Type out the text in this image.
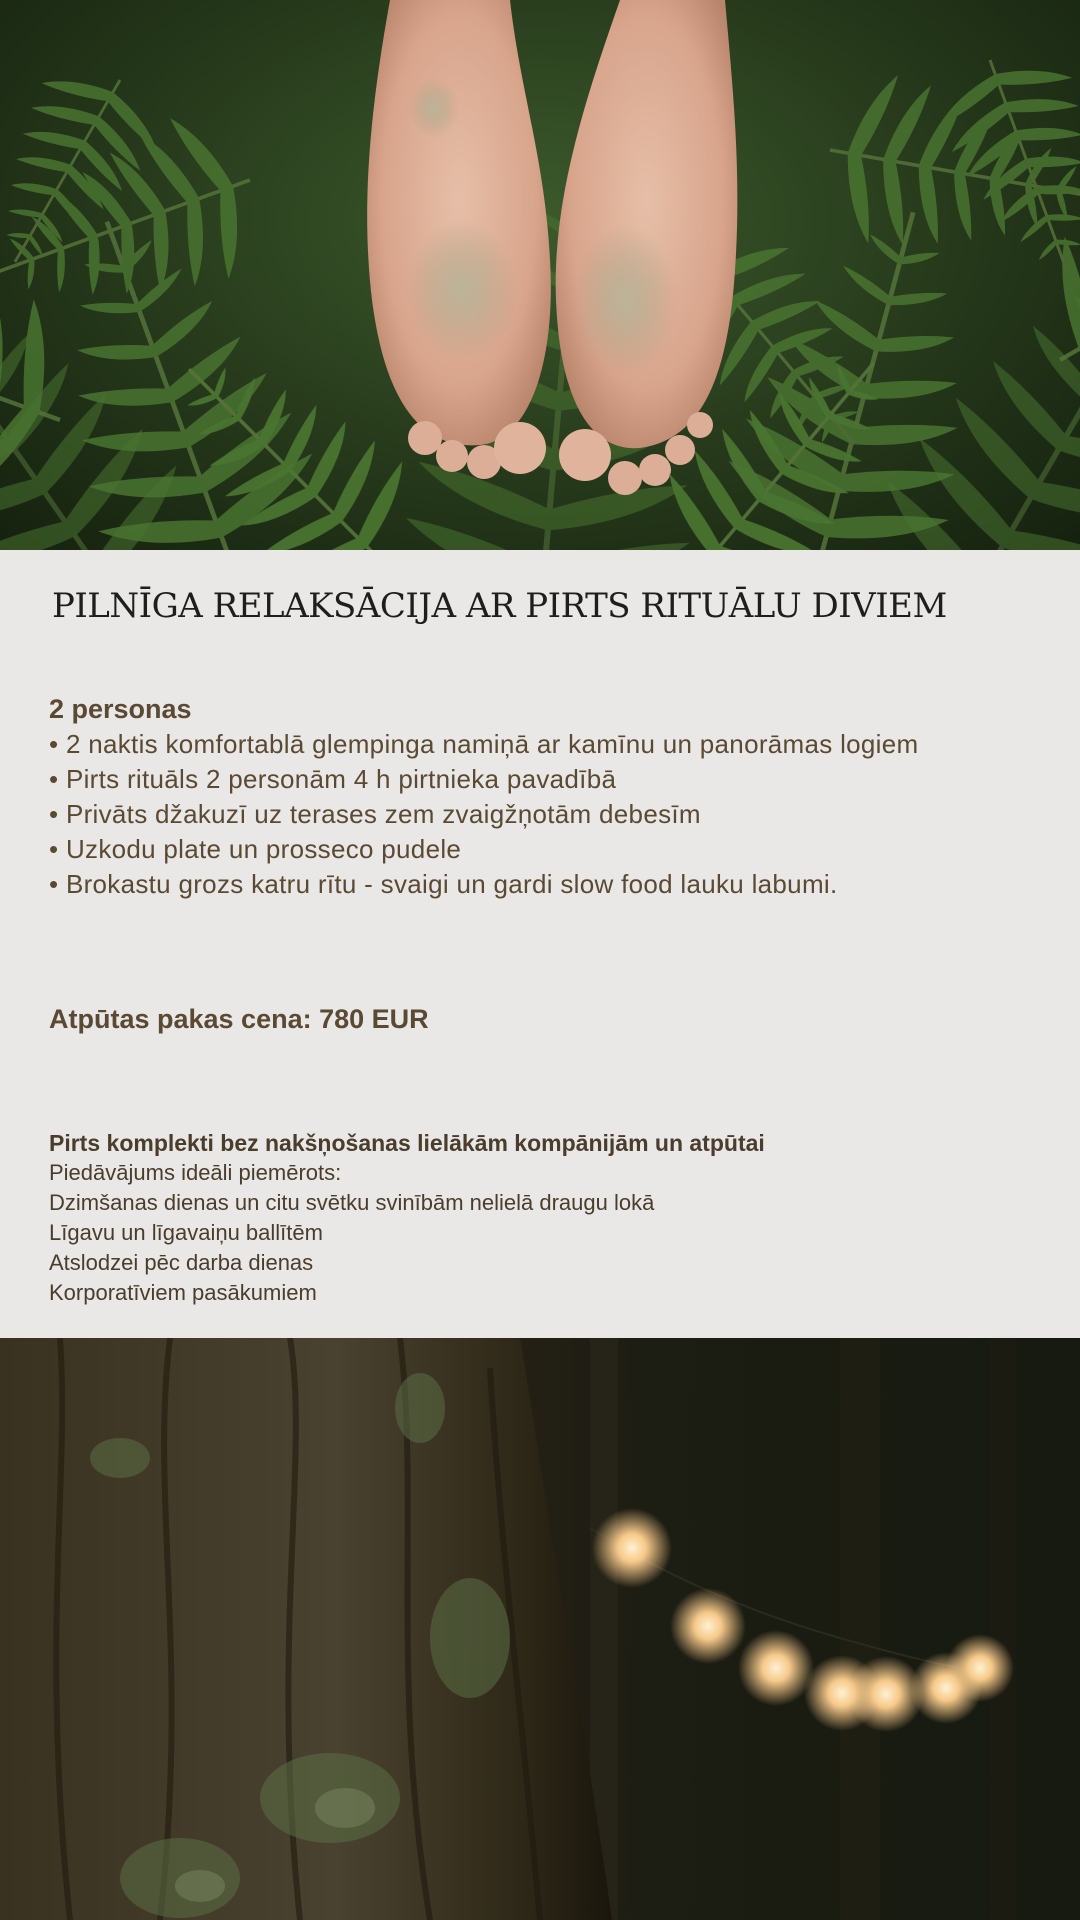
PILNĪGA RELAKSĀCIJA AR PIRTS RITUĀLU DIVIEM

2 personas

• 2 naktis komfortablā glempinga namiņā ar kamīnu un panorāmas logiem
• Pirts rituāls 2 personām 4 h pirtnieka pavadībā
• Privāts džakuzī uz terases zem zvaigžņotām debesīm
• Uzkodu plate un prosseco pudele
• Brokastu grozs katru rītu - svaigi un gardi slow food lauku labumi.

Atpūtas pakas cena: 780 EUR

Pirts komplekti bez nakšņošanas lielākām kompānijām un atpūtai

Piedāvājums ideāli piemērots:

Dzimšanas dienas un citu svētku svinībām nelielā draugu lokā

Līgavu un līgavaiņu ballītēm

Atslodzei pēc darba dienas

Korporatīviem pasākumiem
